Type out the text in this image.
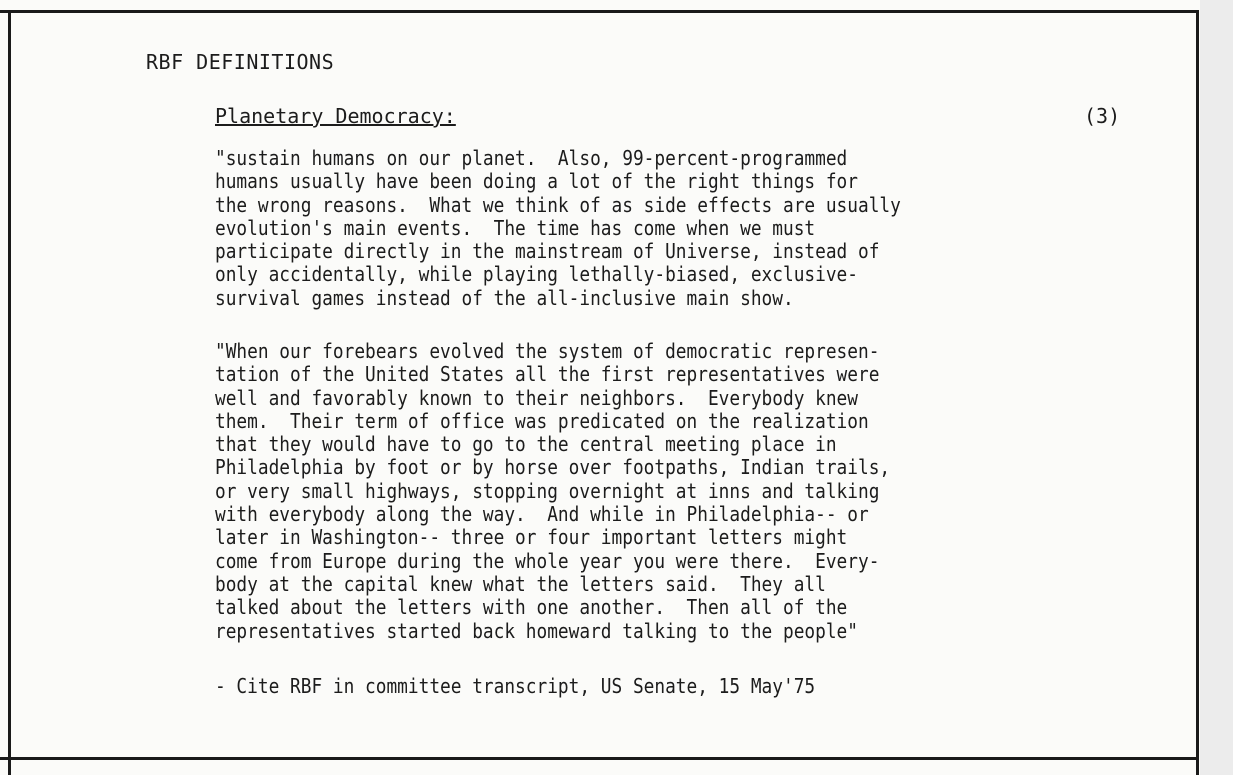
RBF DEFINITIONS
Planetary Democracy:	(3)

"sustain humans on our planet.  Also, 99-percent-programmed
humans usually have been doing a lot of the right things for
the wrong reasons.  What we think of as side effects are usually
evolution's main events.  The time has come when we must
participate directly in the mainstream of Universe, instead of
only accidentally, while playing lethally-biased, exclusive-
survival games instead of the all-inclusive main show.

"When our forebears evolved the system of democratic represen-
tation of the United States all the first representatives were
well and favorably known to their neighbors.  Everybody knew
them.  Their term of office was predicated on the realization
that they would have to go to the central meeting place in
Philadelphia by foot or by horse over footpaths, Indian trails,
or very small highways, stopping overnight at inns and talking
with everybody along the way.  And while in Philadelphia-- or
later in Washington-- three or four important letters might
come from Europe during the whole year you were there.  Every-
body at the capital knew what the letters said.  They all
talked about the letters with one another.  Then all of the
representatives started back homeward talking to the people"

- Cite RBF in committee transcript, US Senate, 15 May'75
